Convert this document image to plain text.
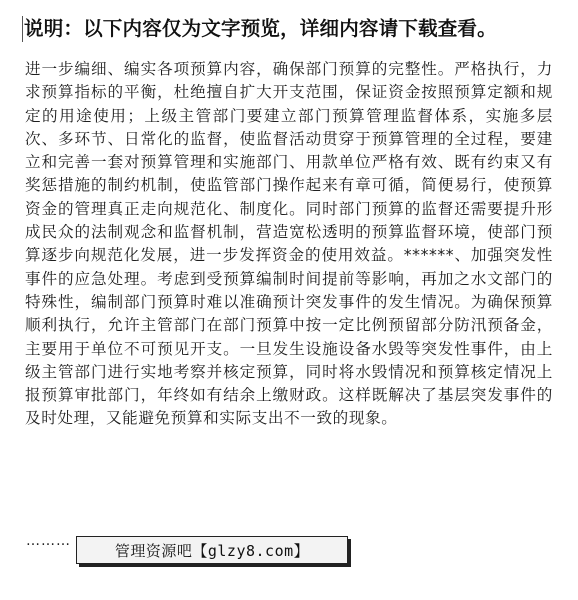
说明：以下内容仅为文字预览，详细内容请下载查看。
进一步编细、编实各项预算内容，确保部门预算的完整性。严格执行，力求预算指标的平衡，杜绝擅自扩大开支范围，保证资金按照预算定额和规定的用途使用；上级主管部门要建立部门预算管理监督体系，实施多层次、多环节、日常化的监督，使监督活动贯穿于预算管理的全过程，要建立和完善一套对预算管理和实施部门、用款单位严格有效、既有约束又有奖惩措施的制约机制，使监管部门操作起来有章可循，简便易行，使预算资金的管理真正走向规范化、制度化。同时部门预算的监督还需要提升形成民众的法制观念和监督机制，营造宽松透明的预算监督环境，使部门预算逐步向规范化发展，进一步发挥资金的使用效益。******、加强突发性事件的应急处理。考虑到受预算编制时间提前等影响，再加之水文部门的特殊性，编制部门预算时难以准确预计突发事件的发生情况。为确保预算顺利执行，允许主管部门在部门预算中按一定比例预留部分防汛预备金，主要用于单位不可预见开支。一旦发生设施设备水毁等突发性事件，由上级主管部门进行实地考察并核定预算，同时将水毁情况和预算核定情况上报预算审批部门，年终如有结余上缴财政。这样既解决了基层突发事件的及时处理，又能避免预算和实际支出不一致的现象。
………
管理资源吧【glzy8.com】
